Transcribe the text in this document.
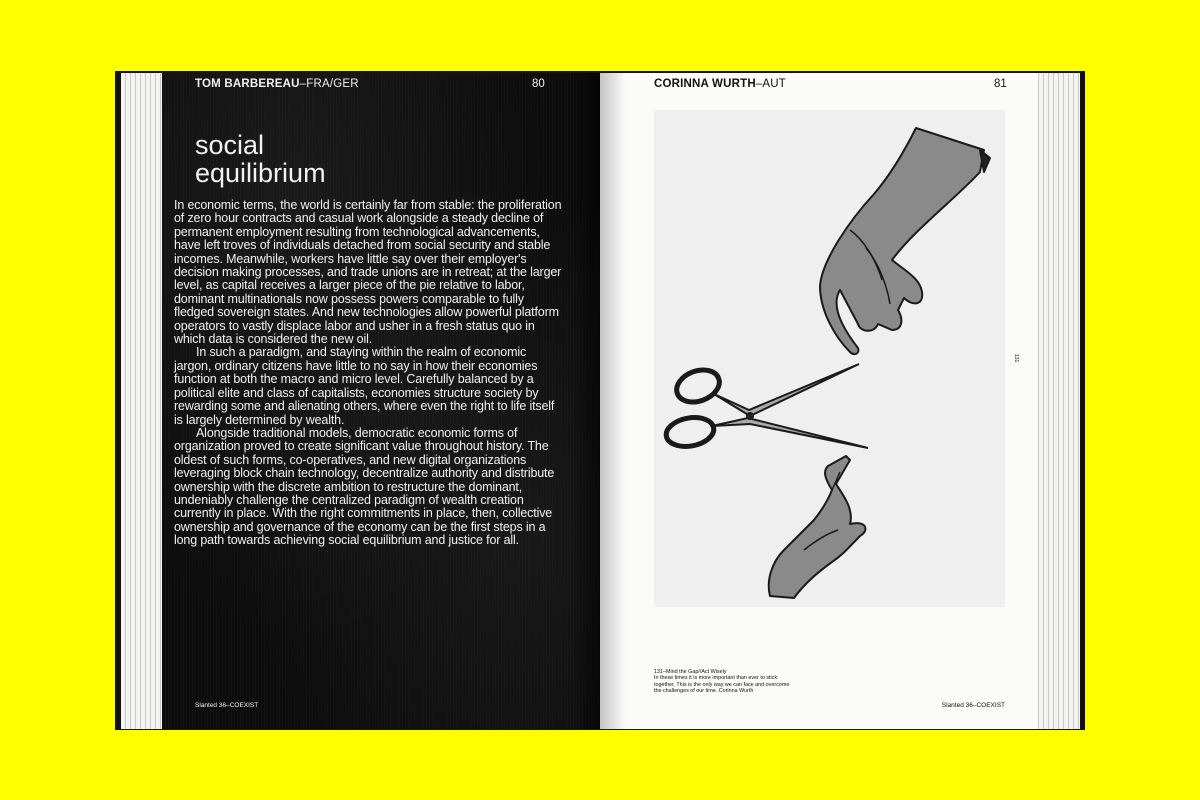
TOM BARBEREAU–FRA/GER	80
social
equilibrium

In economic terms, the world is certainly far from stable: the proliferation of zero hour contracts and casual work alongside a steady decline of permanent employment resulting from technological advancements, have left troves of individuals detached from social security and stable incomes. Meanwhile, workers have little say over their employer's decision making processes, and trade unions are in retreat; at the larger level, as capital receives a larger piece of the pie relative to labor, dominant multinationals now possess powers comparable to fully fledged sovereign states. And new technologies allow powerful platform operators to vastly displace labor and usher in a fresh status quo in which data is considered the new oil.

In such a paradigm, and staying within the realm of economic jargon, ordinary citizens have little to no say in how their economies function at both the macro and micro level. Carefully balanced by a political elite and class of capitalists, economies structure society by rewarding some and alienating others, where even the right to life itself is largely determined by wealth.

Alongside traditional models, democratic economic forms of organization proved to create significant value throughout history. The oldest of such forms, co-operatives, and new digital organizations leveraging block chain technology, decentralize authority and distribute ownership with the discrete ambition to restructure the dominant, undeniably challenge the centralized paradigm of wealth creation currently in place. With the right commitments in place, then, collective ownership and governance of the economy can be the first steps in a long path towards achieving social equilibrium and justice for all.

Slanted 36–COEXIST
CORINNA WURTH–AUT	81
131
131–Mind the Gap//Act Wisely
In these times it is more important than ever to stick
together. This is the only way we can face and overcome
the challenges of our time. Corinna Wurth
Slanted 36–COEXIST
